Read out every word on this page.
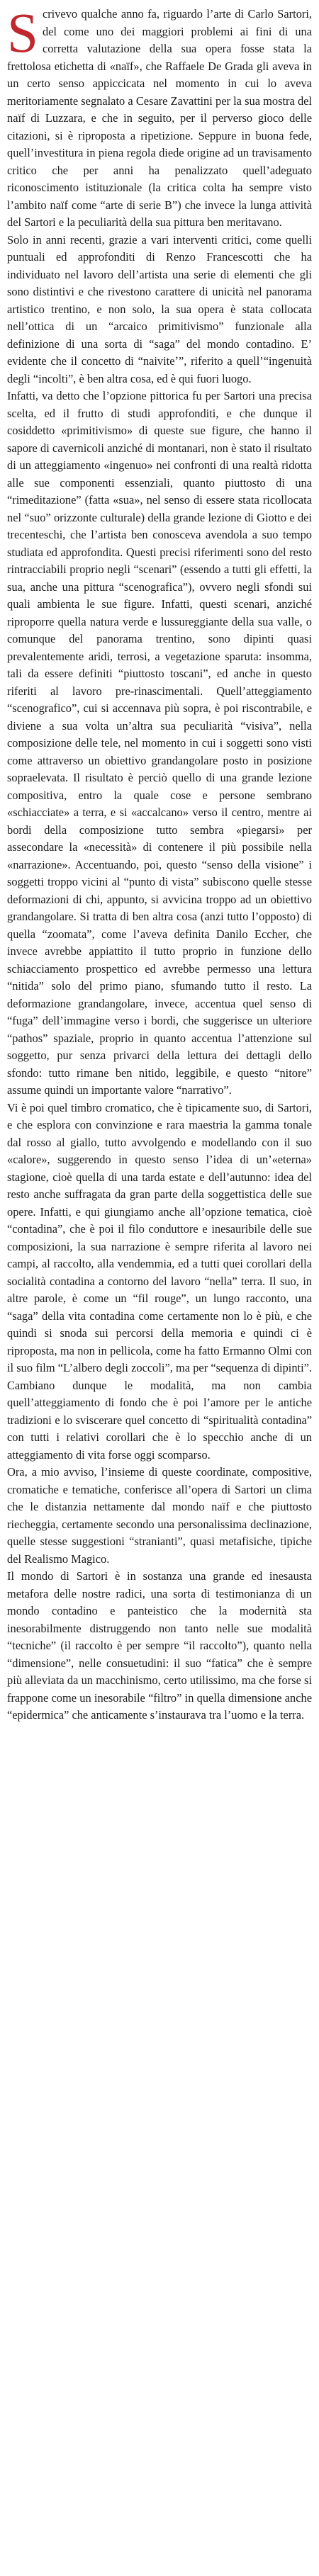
Scrivevo qualche anno fa, riguardo l’arte di Carlo Sartori, del come uno dei maggiori problemi ai fini di una corretta valutazione della sua opera fosse stata la frettolosa etichetta di «naïf», che Raffaele De Grada gli aveva in un certo senso appiccicata nel momento in cui lo aveva meritoriamente segnalato a Cesare Zavattini per la sua mostra del naïf di Luzzara, e che in seguito, per il perverso gioco delle citazioni, si è riproposta a ripetizione. Seppure in buona fede, quell’investitura in piena regola diede origine ad un travisamento critico che per anni ha penalizzato quell’adeguato riconoscimento istituzionale (la critica colta ha sempre visto l’ambito naïf come “arte di serie B”) che invece la lunga attività del Sartori e la peculiarità della sua pittura ben meritavano.

Solo in anni recenti, grazie a vari interventi critici, come quelli puntuali ed approfonditi di Renzo Francescotti che ha individuato nel lavoro dell’artista una serie di elementi che gli sono distintivi e che rivestono carattere di unicità nel panorama artistico trentino, e non solo, la sua opera è stata collocata nell’ottica di un “arcaico primitivismo” funzionale alla definizione di una sorta di “saga” del mondo contadino. E’ evidente che il concetto di “naiviteʼ”, riferito a quell’“ingenuità degli “incolti”, è ben altra cosa, ed è qui fuori luogo.

Infatti, va detto che l’opzione pittorica fu per Sartori una precisa scelta, ed il frutto di studi approfonditi, e che dunque il cosiddetto «primitivismo» di queste sue figure, che hanno il sapore di cavernicoli anziché di montanari, non è stato il risultato di un atteggiamento «ingenuo» nei confronti di una realtà ridotta alle sue componenti essenziali, quanto piuttosto di una “rimeditazione” (fatta «sua», nel senso di essere stata ricollocata nel “suo” orizzonte culturale) della grande lezione di Giotto e dei trecenteschi, che l’artista ben conosceva avendola a suo tempo studiata ed approfondita. Questi precisi riferimenti sono del resto rintracciabili proprio negli “scenari” (essendo a tutti gli effetti, la sua, anche una pittura “scenografica”), ovvero negli sfondi sui quali ambienta le sue figure. Infatti, questi scenari, anziché riproporre quella natura verde e lussureggiante della sua valle, o comunque del panorama trentino, sono dipinti quasi prevalentemente aridi, terrosi, a vegetazione sparuta: insomma, tali da essere definiti “piuttosto toscani”, ed anche in questo riferiti al lavoro pre-rinascimentali. Quell’atteggiamento “scenografico”, cui si accennava più sopra, è poi riscontrabile, e diviene a sua volta un’altra sua peculiarità “visiva”, nella composizione delle tele, nel momento in cui i soggetti sono visti come attraverso un obiettivo grandangolare posto in posizione sopraelevata. Il risultato è perciò quello di una grande lezione compositiva, entro la quale cose e persone sembrano «schiacciate» a terra, e si «accalcano» verso il centro, mentre ai bordi della composizione tutto sembra «piegarsi» per assecondare la «necessità» di contenere il più possibile nella «narrazione». Accentuando, poi, questo “senso della visione” i soggetti troppo vicini al “punto di vista” subiscono quelle stesse deformazioni di chi, appunto, si avvicina troppo ad un obiettivo grandangolare. Si tratta di ben altra cosa (anzi tutto l’opposto) di quella “zoomata”, come l’aveva definita Danilo Eccher, che invece avrebbe appiattito il tutto proprio in funzione dello schiacciamento prospettico ed avrebbe permesso una lettura “nitida” solo del primo piano, sfumando tutto il resto. La deformazione grandangolare, invece, accentua quel senso di “fuga” dell’immagine verso i bordi, che suggerisce un ulteriore “pathos” spaziale, proprio in quanto accentua l’attenzione sul soggetto, pur senza privarci della lettura dei dettagli dello sfondo: tutto rimane ben nitido, leggibile, e questo “nitore” assume quindi un importante valore “narrativo”.

Vi è poi quel timbro cromatico, che è tipicamente suo, di Sartori, e che esplora con convinzione e rara maestria la gamma tonale dal rosso al giallo, tutto avvolgendo e modellando con il suo «calore», suggerendo in questo senso l’idea di un’«eterna» stagione, cioè quella di una tarda estate e dell’autunno: idea del resto anche suffragata da gran parte della soggettistica delle sue opere. Infatti, e qui giungiamo anche all’opzione tematica, cioè “contadina”, che è poi il filo conduttore e inesauribile delle sue composizioni, la sua narrazione è sempre riferita al lavoro nei campi, al raccolto, alla vendemmia, ed a tutti quei corollari della socialità contadina a contorno del lavoro “nella” terra. Il suo, in altre parole, è come un “fil rouge”, un lungo racconto, una “saga” della vita contadina come certamente non lo è più, e che quindi si snoda sui percorsi della memoria e quindi ci è riproposta, ma non in pellicola, come ha fatto Ermanno Olmi con il suo film “L’albero degli zoccoli”, ma per “sequenza di dipinti”. Cambiano dunque le modalità, ma non cambia quell’atteggiamento di fondo che è poi l’amore per le antiche tradizioni e lo sviscerare quel concetto di “spiritualità contadina” con tutti i relativi corollari che è lo specchio anche di un atteggiamento di vita forse oggi scomparso.

Ora, a mio avviso, l’insieme di queste coordinate, compositive, cromatiche e tematiche, conferisce all’opera di Sartori un clima che le distanzia nettamente dal mondo naïf e che piuttosto riecheggia, certamente secondo una personalissima declinazione, quelle stesse suggestioni “stranianti”, quasi metafisiche, tipiche del Realismo Magico.

Il mondo di Sartori è in sostanza una grande ed inesausta metafora delle nostre radici, una sorta di testimonianza di un mondo contadino e panteistico che la modernità sta inesorabilmente distruggendo non tanto nelle sue modalità “tecniche” (il raccolto è per sempre “il raccolto”), quanto nella “dimensione”, nelle consuetudini: il suo “fatica” che è sempre più alleviata da un macchinismo, certo utilissimo, ma che forse si frappone come un inesorabile “filtro” in quella dimensione anche “epidermica” che anticamente s’instaurava tra l’uomo e la terra.
